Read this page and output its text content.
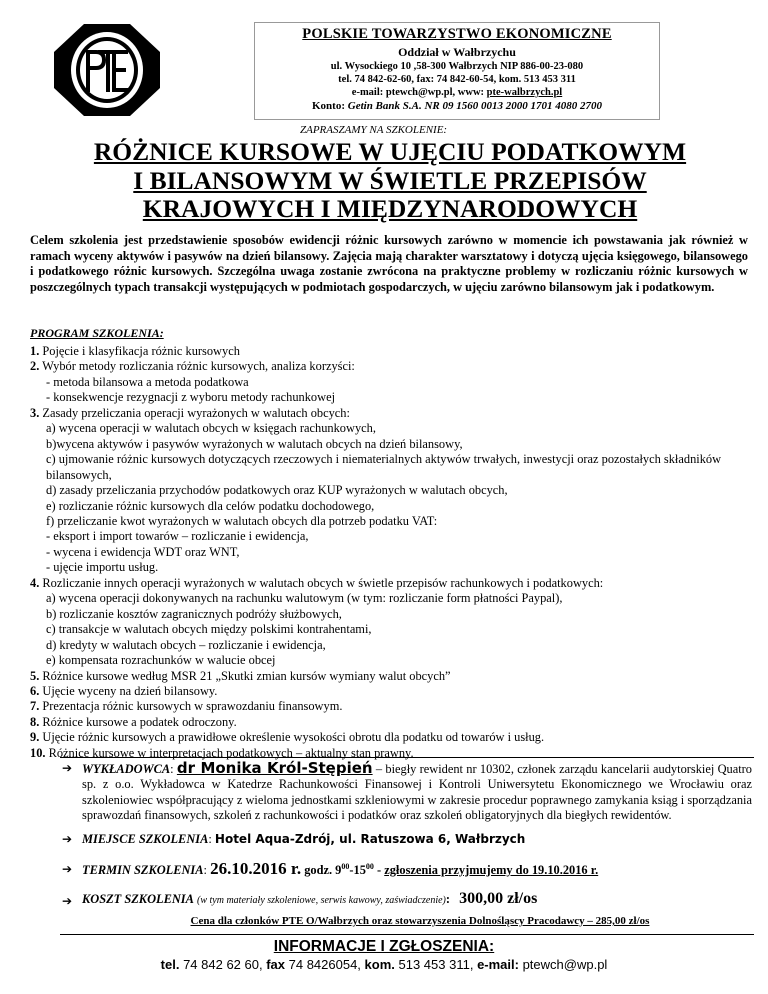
POLSKIE TOWARZYSTWO EKONOMICZNE
Oddział w Wałbrzychu
ul. Wysockiego 10 ,58-300 Wałbrzych NIP 886-00-23-080
tel. 74 842-62-60, fax: 74 842-60-54, kom. 513 453 311
e-mail: ptewch@wp.pl, www: pte-walbrzych.pl
Konto: Getin Bank S.A. NR 09 1560 0013 2000 1701 4080 2700
ZAPRASZAMY NA SZKOLENIE:
RÓŻNICE KURSOWE W UJĘCIU PODATKOWYM
I BILANSOWYM W ŚWIETLE PRZEPISÓW
KRAJOWYCH I MIĘDZYNARODOWYCH
Celem szkolenia jest przedstawienie sposobów ewidencji różnic kursowych zarówno w momencie ich powstawania jak również w ramach wyceny aktywów i pasywów na dzień bilansowy. Zajęcia mają charakter warsztatowy i dotyczą ujęcia księgowego, bilansowego i podatkowego różnic kursowych. Szczególna uwaga zostanie zwrócona na praktyczne problemy w rozliczaniu różnic kursowych w poszczególnych typach transakcji występujących w podmiotach gospodarczych, w ujęciu zarówno bilansowym jak i podatkowym.
PROGRAM SZKOLENIA:
1. Pojęcie i klasyfikacja różnic kursowych
2. Wybór metody rozliczania różnic kursowych, analiza korzyści:
- metoda bilansowa a metoda podatkowa
- konsekwencje rezygnacji z wyboru metody rachunkowej
3. Zasady przeliczania operacji wyrażonych w walutach obcych:
a) wycena operacji w walutach obcych w księgach rachunkowych,
b)wycena aktywów i pasywów wyrażonych w walutach obcych na dzień bilansowy,
c) ujmowanie różnic kursowych dotyczących rzeczowych i niematerialnych aktywów trwałych, inwestycji oraz pozostałych składników bilansowych,
d) zasady przeliczania przychodów podatkowych oraz KUP wyrażonych w walutach obcych,
e) rozliczanie różnic kursowych dla celów podatku dochodowego,
f) przeliczanie kwot wyrażonych w walutach obcych dla potrzeb podatku VAT:
- eksport i import towarów – rozliczanie i ewidencja,
- wycena i ewidencja WDT oraz WNT,
- ujęcie importu usług.
4. Rozliczanie innych operacji wyrażonych w walutach obcych w świetle przepisów rachunkowych i podatkowych:
a) wycena operacji dokonywanych na rachunku walutowym (w tym: rozliczanie form płatności Paypal),
b) rozliczanie kosztów zagranicznych podróży służbowych,
c) transakcje w walutach obcych między polskimi kontrahentami,
d) kredyty w walutach obcych – rozliczanie i ewidencja,
e) kompensata rozrachunków w walucie obcej
5. Różnice kursowe według MSR 21 „Skutki zmian kursów wymiany walut obcych”
6. Ujęcie wyceny na dzień bilansowy.
7. Prezentacja różnic kursowych w sprawozdaniu finansowym.
8. Różnice kursowe a podatek odroczony.
9. Ujęcie różnic kursowych a prawidłowe określenie wysokości obrotu dla podatku od towarów i usług.
10. Różnice kursowe w interpretacjach podatkowych – aktualny stan prawny.
➔ WYKŁADOWCA: dr Monika Król-Stępień – biegły rewident nr 10302, członek zarządu kancelarii audytorskiej Quatro sp. z o.o. Wykładowca w Katedrze Rachunkowości Finansowej i Kontroli Uniwersytetu Ekonomicznego we Wrocławiu oraz szkoleniowiec współpracujący z wieloma jednostkami szkleniowymi w zakresie procedur poprawnego zamykania ksiąg i sporządzania sprawozdań finansowych, szkoleń z rachunkowości i podatków oraz szkoleń obligatoryjnych dla biegłych rewidentów.
➔ MIEJSCE SZKOLENIA: Hotel Aqua-Zdrój, ul. Ratuszowa 6, Wałbrzych
➔ TERMIN SZKOLENIA: 26.10.2016 r. godz. $9^{00}-15^{00}$ - zgłoszenia przyjmujemy do 19.10.2016 r.
➔ KOSZT SZKOLENIA (w tym materiały szkoleniowe, serwis kawowy, zaświadczenie): 300,00 zł/os
Cena dla członków PTE O/Wałbrzych oraz stowarzyszenia Dolnośląscy Pracodawcy – 285,00 zł/os
INFORMACJE I ZGŁOSZENIA:
tel. 74 842 62 60, fax 74 8426054, kom. 513 453 311, e-mail: ptewch@wp.pl
